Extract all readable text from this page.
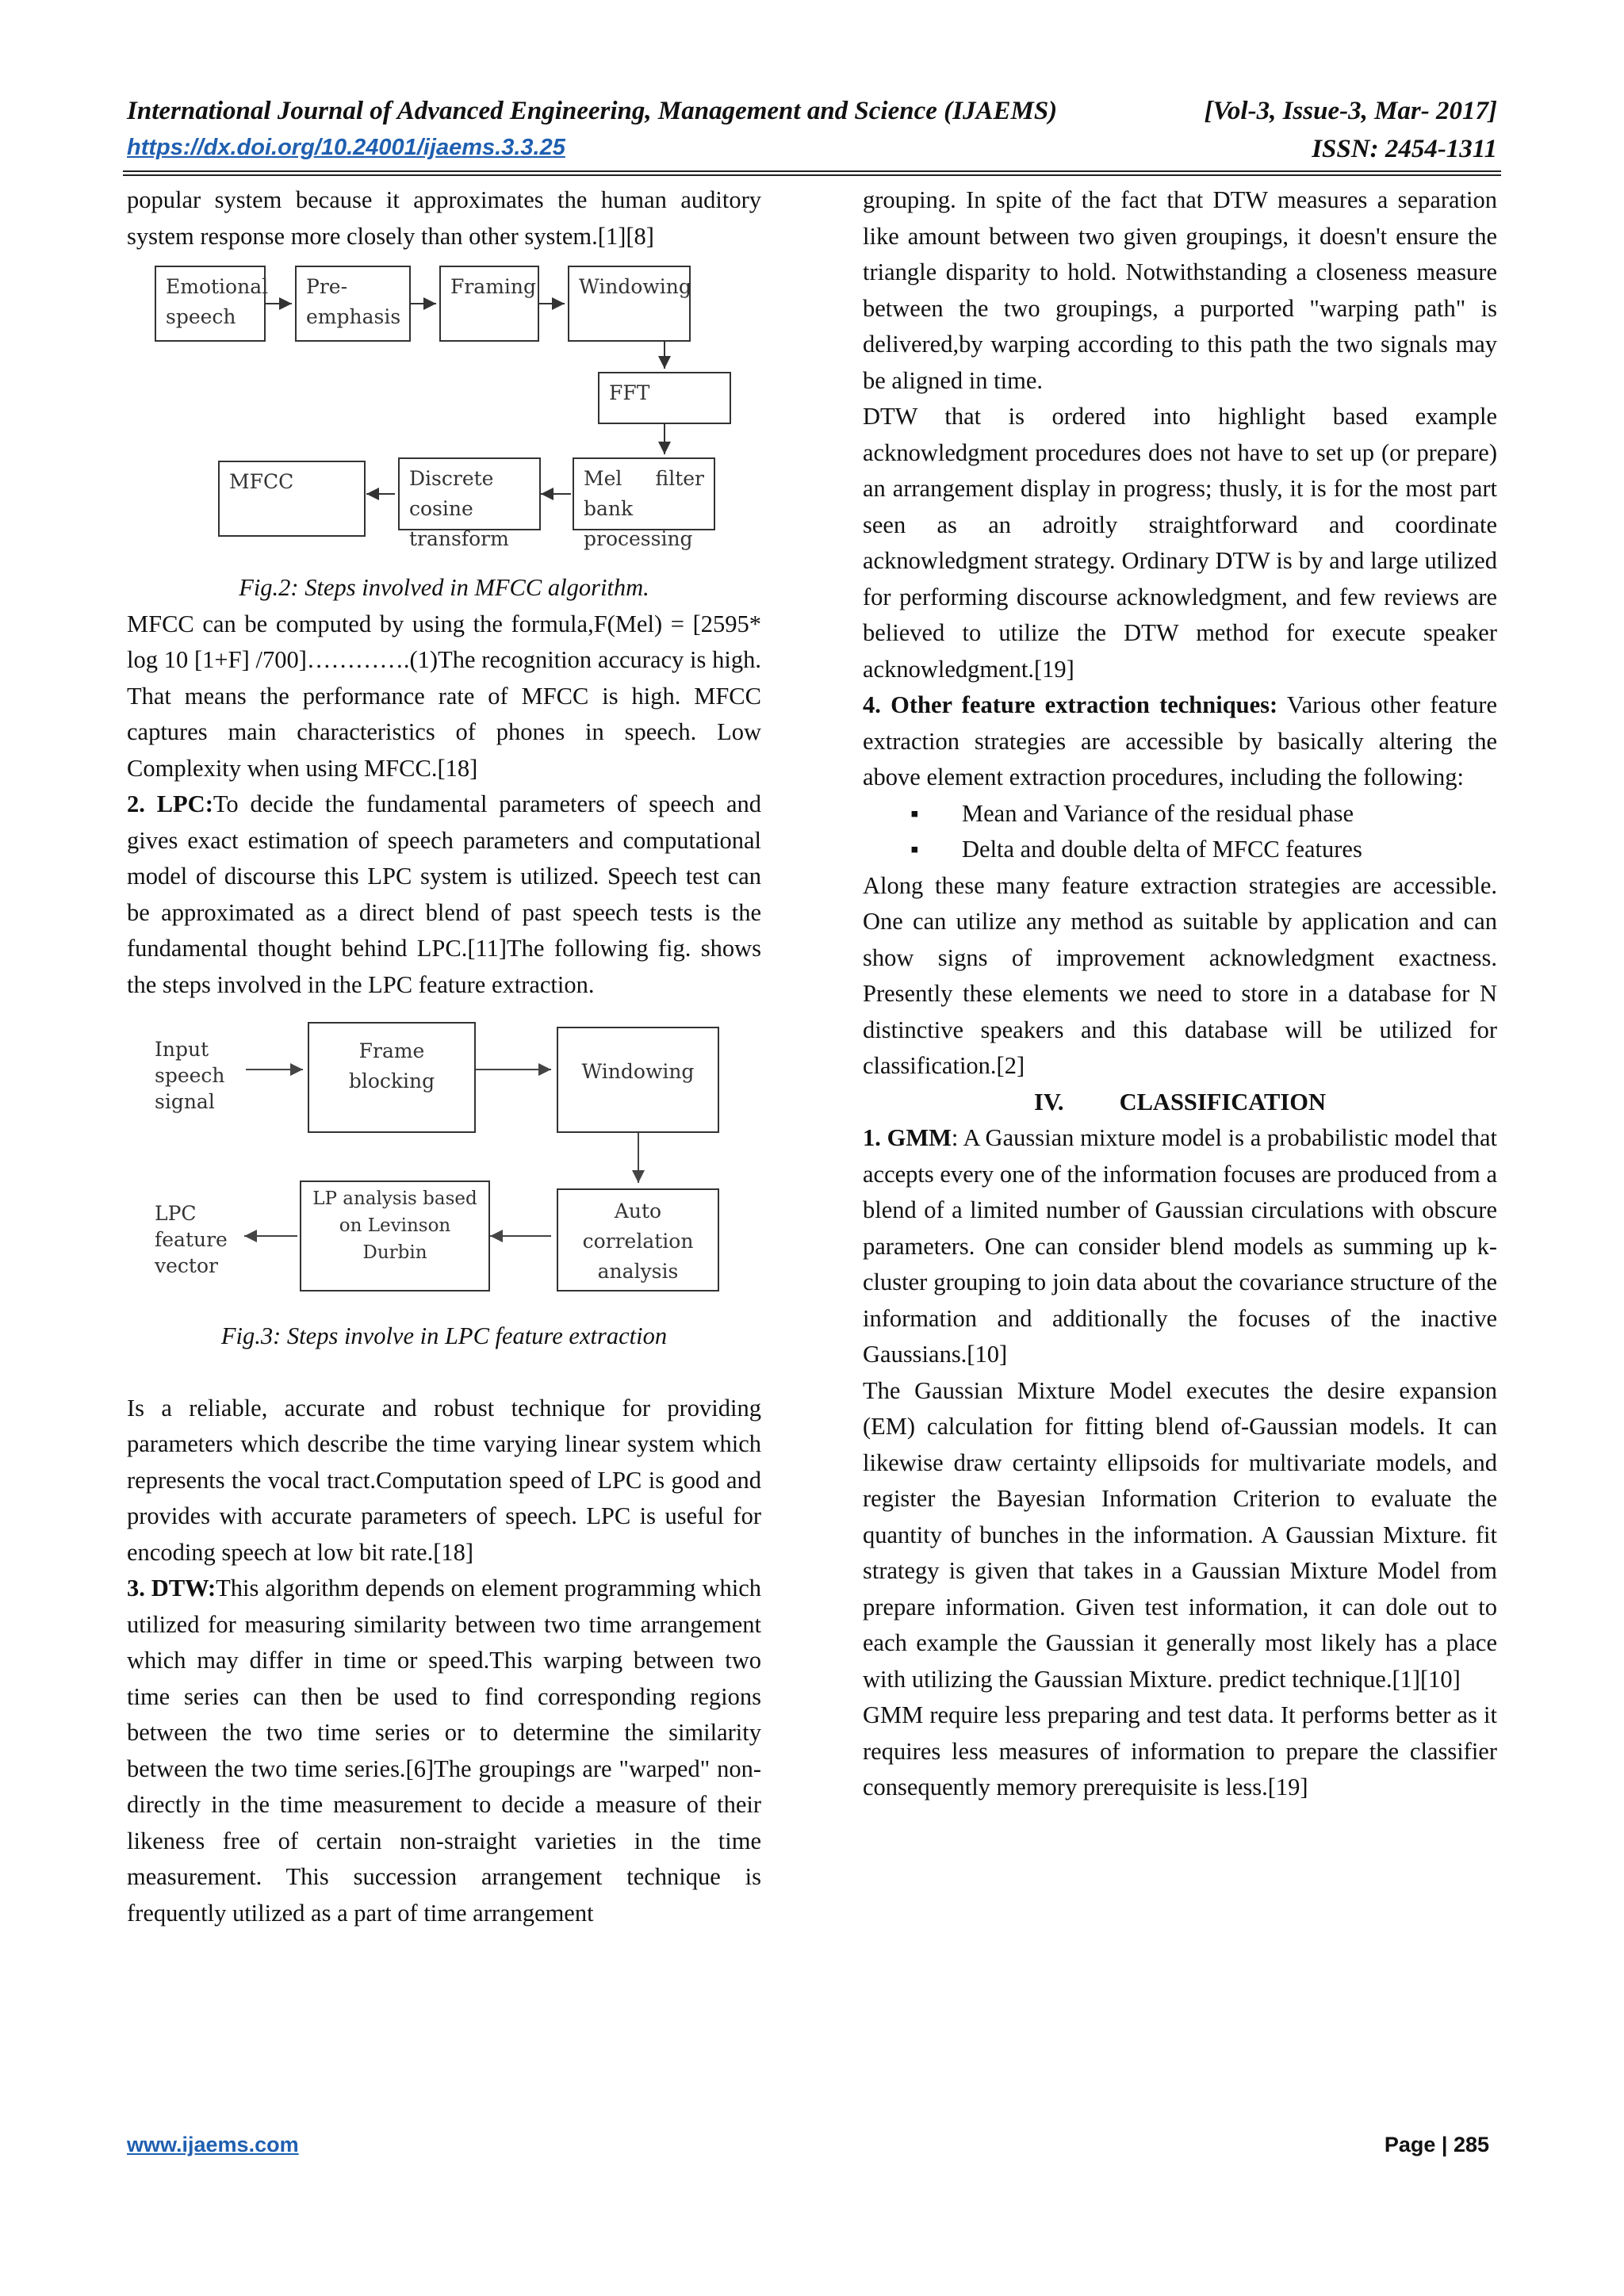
International Journal of Advanced Engineering, Management and Science (IJAEMS)	[Vol-3, Issue-3, Mar- 2017]
https://dx.doi.org/10.24001/ijaems.3.3.25	ISSN: 2454-1311

popular system because it approximates the human auditory system response more closely than other system.[1][8]

Emotional speech
Pre-emphasis
Framing	Windowing
FFT
Mel filter bank processing
Discrete cosine transform
MFCC

Fig.2: Steps involved in MFCC algorithm.

MFCC can be computed by using the formula,F(Mel) = [2595* log 10 [1+F] /700]………….(1)The recognition accuracy is high. That means the performance rate of MFCC is high. MFCC captures main characteristics of phones in speech. Low Complexity when using MFCC.[18]

2. LPC:To decide the fundamental parameters of speech and gives exact estimation of speech parameters and computational model of discourse this LPC system is utilized. Speech test can be approximated as a direct blend of past speech tests is the fundamental thought behind LPC.[11]The following fig. shows the steps involved in the LPC feature extraction.

Input speech signal
Frame blocking	Windowing
Auto correlation analysis
LP analysis based on Levinson Durbin
LPC feature vector

Fig.3: Steps involve in LPC feature extraction

Is a reliable, accurate and robust technique for providing parameters which describe the time varying linear system which represents the vocal tract.Computation speed of LPC is good and provides with accurate parameters of speech. LPC is useful for encoding speech at low bit rate.[18]

3. DTW:This algorithm depends on element programming which utilized for measuring similarity between two time arrangement which may differ in time or speed.This warping between two time series can then be used to find corresponding regions between the two time series or to determine the similarity between the two time series.[6]The groupings are "warped" non-directly in the time measurement to decide a measure of their likeness free of certain non-straight varieties in the time measurement. This succession arrangement technique is frequently utilized as a part of time arrangement

grouping. In spite of the fact that DTW measures a separation like amount between two given groupings, it doesn't ensure the triangle disparity to hold. Notwithstanding a closeness measure between the two groupings, a purported "warping path" is delivered,by warping according to this path the two signals may be aligned in time.

DTW that is ordered into highlight based example acknowledgment procedures does not have to set up (or prepare) an arrangement display in progress; thusly, it is for the most part seen as an adroitly straightforward and coordinate acknowledgment strategy. Ordinary DTW is by and large utilized for performing discourse acknowledgment, and few reviews are believed to utilize the DTW method for execute speaker acknowledgment.[19]

4. Other feature extraction techniques: Various other feature extraction strategies are accessible by basically altering the above element extraction procedures, including the following:

▪ Mean and Variance of the residual phase
▪ Delta and double delta of MFCC features

Along these many feature extraction strategies are accessible. One can utilize any method as suitable by application and can show signs of improvement acknowledgment exactness. Presently these elements we need to store in a database for N distinctive speakers and this database will be utilized for classification.[2]

IV. CLASSIFICATION

1. GMM: A Gaussian mixture model is a probabilistic model that accepts every one of the information focuses are produced from a blend of a limited number of Gaussian circulations with obscure parameters. One can consider blend models as summing up k-cluster grouping to join data about the covariance structure of the information and additionally the focuses of the inactive Gaussians.[10]

The Gaussian Mixture Model executes the desire expansion (EM) calculation for fitting blend of-Gaussian models. It can likewise draw certainty ellipsoids for multivariate models, and register the Bayesian Information Criterion to evaluate the quantity of bunches in the information. A Gaussian Mixture. fit strategy is given that takes in a Gaussian Mixture Model from prepare information. Given test information, it can dole out to each example the Gaussian it generally most likely has a place with utilizing the Gaussian Mixture. predict technique.[1][10]

GMM require less preparing and test data. It performs better as it requires less measures of information to prepare the classifier consequently memory prerequisite is less.[19]

www.ijaems.com	Page | 285
